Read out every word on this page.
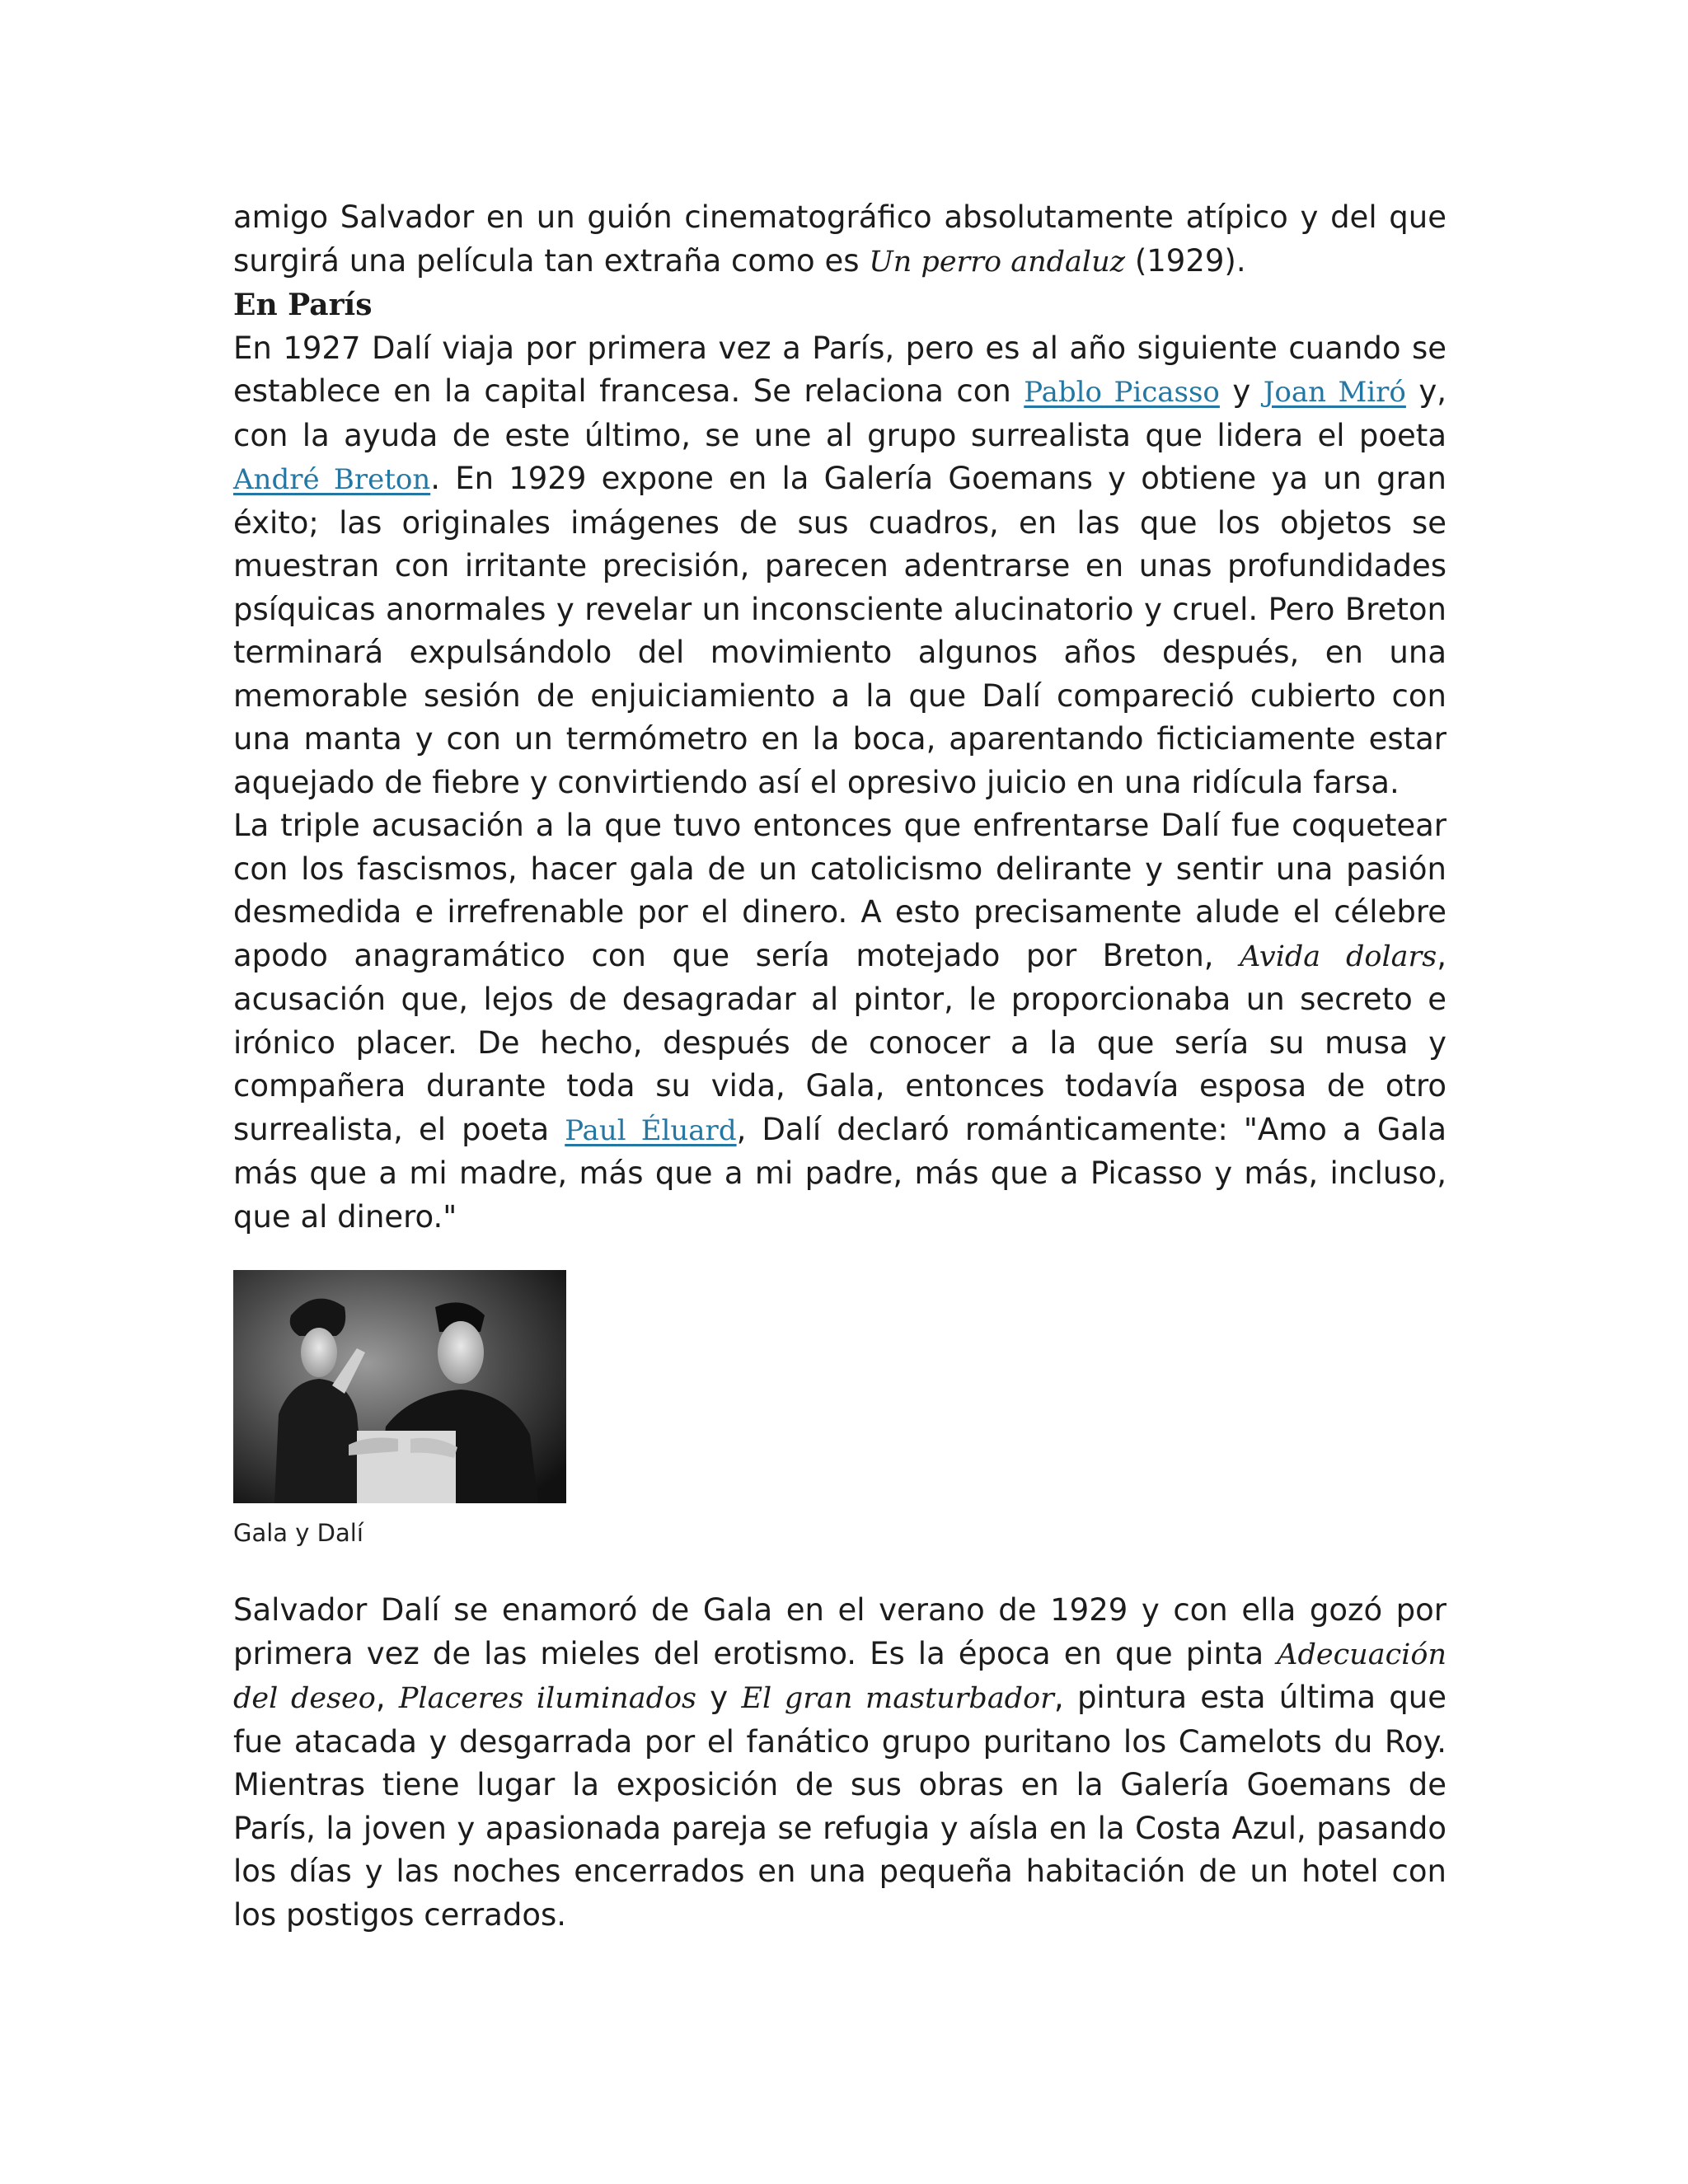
amigo Salvador en un guión cinematográfico absolutamente atípico y del que surgirá una película tan extraña como es Un perro andaluz (1929).

En París

En 1927 Dalí viaja por primera vez a París, pero es al año siguiente cuando se establece en la capital francesa. Se relaciona con Pablo Picasso y Joan Miró y, con la ayuda de este último, se une al grupo surrealista que lidera el poeta André Breton. En 1929 expone en la Galería Goemans y obtiene ya un gran éxito; las originales imágenes de sus cuadros, en las que los objetos se muestran con irritante precisión, parecen adentrarse en unas profundidades psíquicas anormales y revelar un inconsciente alucinatorio y cruel. Pero Breton terminará expulsándolo del movimiento algunos años después, en una memorable sesión de enjuiciamiento a la que Dalí compareció cubierto con una manta y con un termómetro en la boca, aparentando ficticiamente estar aquejado de fiebre y convirtiendo así el opresivo juicio en una ridícula farsa.

La triple acusación a la que tuvo entonces que enfrentarse Dalí fue coquetear con los fascismos, hacer gala de un catolicismo delirante y sentir una pasión desmedida e irrefrenable por el dinero. A esto precisamente alude el célebre apodo anagramático con que sería motejado por Breton, Avida dolars, acusación que, lejos de desagradar al pintor, le proporcionaba un secreto e irónico placer. De hecho, después de conocer a la que sería su musa y compañera durante toda su vida, Gala, entonces todavía esposa de otro surrealista, el poeta Paul Éluard, Dalí declaró románticamente: "Amo a Gala más que a mi madre, más que a mi padre, más que a Picasso y más, incluso, que al dinero."

Gala y Dalí

Salvador Dalí se enamoró de Gala en el verano de 1929 y con ella gozó por primera vez de las mieles del erotismo. Es la época en que pinta Adecuación del deseo, Placeres iluminados y El gran masturbador, pintura esta última que fue atacada y desgarrada por el fanático grupo puritano los Camelots du Roy. Mientras tiene lugar la exposición de sus obras en la Galería Goemans de París, la joven y apasionada pareja se refugia y aísla en la Costa Azul, pasando los días y las noches encerrados en una pequeña habitación de un hotel con los postigos cerrados.
